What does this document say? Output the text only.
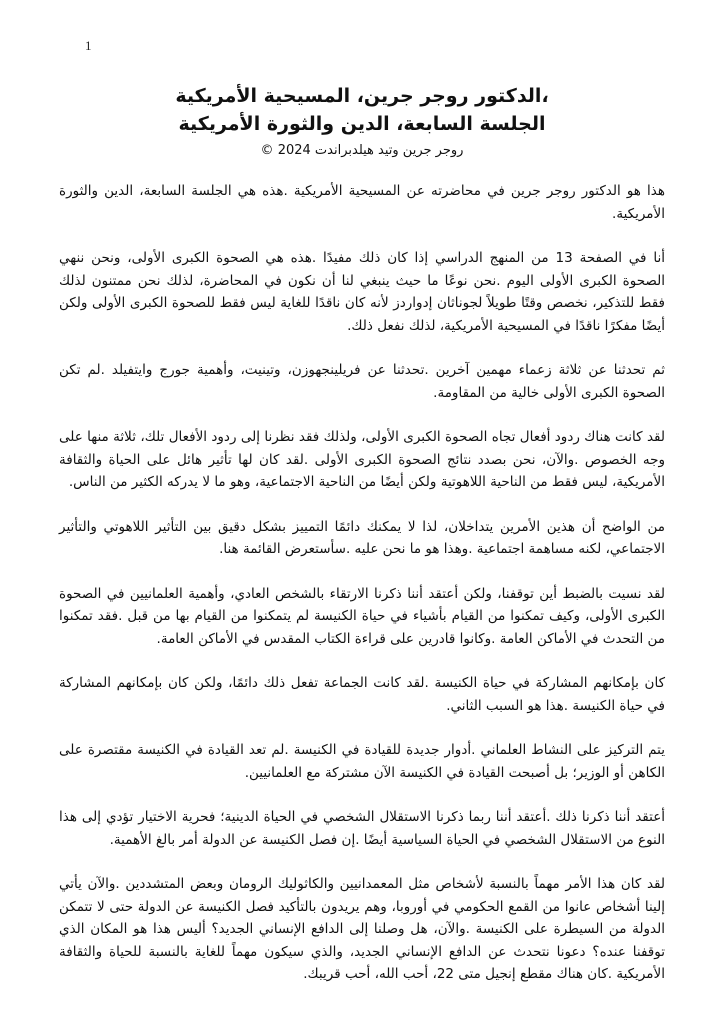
1
،الدكتور روجر جرين، المسيحية الأمريكية
الجلسة السابعة، الدين والثورة الأمريكية
روجر جرين وتيد هيلدبراندت 2024 ©

هذا هو الدكتور روجر جرين في محاضرته عن المسيحية الأمريكية .هذه هي الجلسة السابعة، الدين والثورة الأمريكية.

أنا في الصفحة 13 من المنهج الدراسي إذا كان ذلك مفيدًا .هذه هي الصحوة الكبرى الأولى، ونحن ننهي الصحوة الكبرى الأولى اليوم .نحن نوعًا ما حيث ينبغي لنا أن نكون في المحاضرة، لذلك نحن ممتنون لذلك فقط للتذكير، نخصص وقتًا طويلاً لجوناثان إدواردز لأنه كان ناقدًا للغاية ليس فقط للصحوة الكبرى الأولى ولكن أيضًا مفكرًا ناقدًا في المسيحية الأمريكية، لذلك نفعل ذلك.

ثم تحدثنا عن ثلاثة زعماء مهمين آخرين .تحدثنا عن فريلينجهوزن، وتينيت، وأهمية جورج وايتفيلد .لم تكن الصحوة الكبرى الأولى خالية من المقاومة.

لقد كانت هناك ردود أفعال تجاه الصحوة الكبرى الأولى، ولذلك فقد نظرنا إلى ردود الأفعال تلك، ثلاثة منها على وجه الخصوص .والآن، نحن بصدد نتائج الصحوة الكبرى الأولى .لقد كان لها تأثير هائل على الحياة والثقافة الأمريكية، ليس فقط من الناحية اللاهوتية ولكن أيضًا من الناحية الاجتماعية، وهو ما لا يدركه الكثير من الناس.

من الواضح أن هذين الأمرين يتداخلان، لذا لا يمكنك دائمًا التمييز بشكل دقيق بين التأثير اللاهوتي والتأثير الاجتماعي، لكنه مساهمة اجتماعية .وهذا هو ما نحن عليه .سأستعرض القائمة هنا.

لقد نسيت بالضبط أين توقفنا، ولكن أعتقد أننا ذكرنا الارتقاء بالشخص العادي، وأهمية العلمانيين في الصحوة الكبرى الأولى، وكيف تمكنوا من القيام بأشياء في حياة الكنيسة لم يتمكنوا من القيام بها من قبل .فقد تمكنوا من التحدث في الأماكن العامة .وكانوا قادرين على قراءة الكتاب المقدس في الأماكن العامة.

كان بإمكانهم المشاركة في حياة الكنيسة .لقد كانت الجماعة تفعل ذلك دائمًا، ولكن كان بإمكانهم المشاركة في حياة الكنيسة .هذا هو السبب الثاني.

يتم التركيز على النشاط العلماني .أدوار جديدة للقيادة في الكنيسة .لم تعد القيادة في الكنيسة مقتصرة على الكاهن أو الوزير؛ بل أصبحت القيادة في الكنيسة الآن مشتركة مع العلمانيين.

أعتقد أننا ذكرنا ذلك .أعتقد أننا ربما ذكرنا الاستقلال الشخصي في الحياة الدينية؛ فحرية الاختيار تؤدي إلى هذا النوع من الاستقلال الشخصي في الحياة السياسية أيضًا .إن فصل الكنيسة عن الدولة أمر بالغ الأهمية.

لقد كان هذا الأمر مهماً بالنسبة لأشخاص مثل المعمدانيين والكاثوليك الرومان وبعض المتشددين .والآن يأتي إلينا أشخاص عانوا من القمع الحكومي في أوروبا، وهم يريدون بالتأكيد فصل الكنيسة عن الدولة حتى لا تتمكن الدولة من السيطرة على الكنيسة .والآن، هل وصلنا إلى الدافع الإنساني الجديد؟ أليس هذا هو المكان الذي توقفنا عنده؟ دعونا نتحدث عن الدافع الإنساني الجديد، والذي سيكون مهماً للغاية بالنسبة للحياة والثقافة الأمريكية .كان هناك مقطع إنجيل متى 22، أحب الله، أحب قريبك.
